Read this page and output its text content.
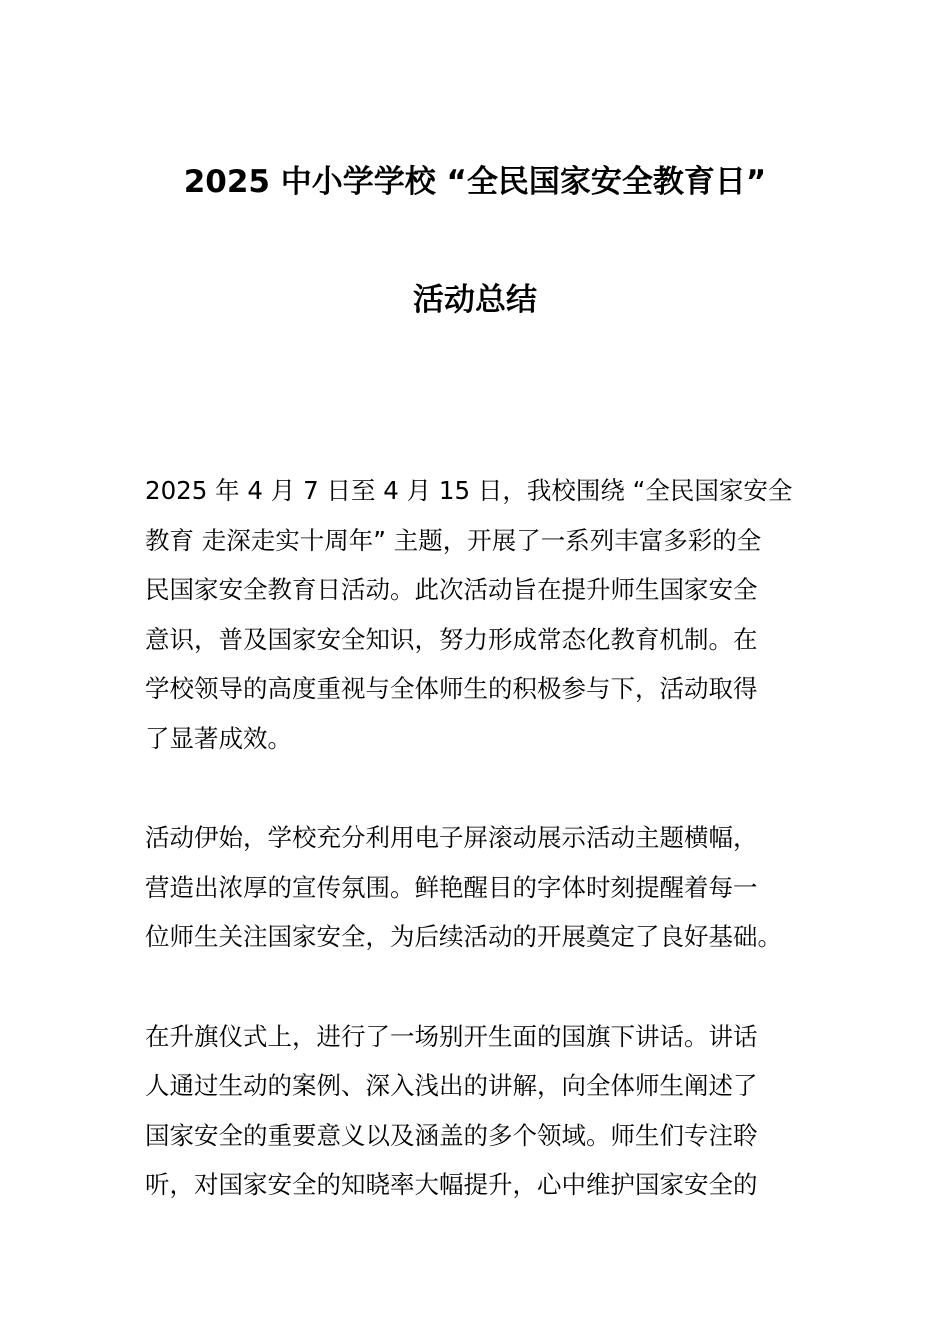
2025 中小学学校 “全民国家安全教育日”
活动总结

2025 年 4 月 7 日至 4 月 15 日，我校围绕 “全民国家安全

教育 走深走实十周年” 主题，开展了一系列丰富多彩的全

民国家安全教育日活动。此次活动旨在提升师生国家安全

意识，普及国家安全知识，努力形成常态化教育机制。在

学校领导的高度重视与全体师生的积极参与下，活动取得

了显著成效。

活动伊始，学校充分利用电子屏滚动展示活动主题横幅，

营造出浓厚的宣传氛围。鲜艳醒目的字体时刻提醒着每一

位师生关注国家安全，为后续活动的开展奠定了良好基础。

在升旗仪式上，进行了一场别开生面的国旗下讲话。讲话

人通过生动的案例、深入浅出的讲解，向全体师生阐述了

国家安全的重要意义以及涵盖的多个领域。师生们专注聆

听，对国家安全的知晓率大幅提升，心中维护国家安全的
